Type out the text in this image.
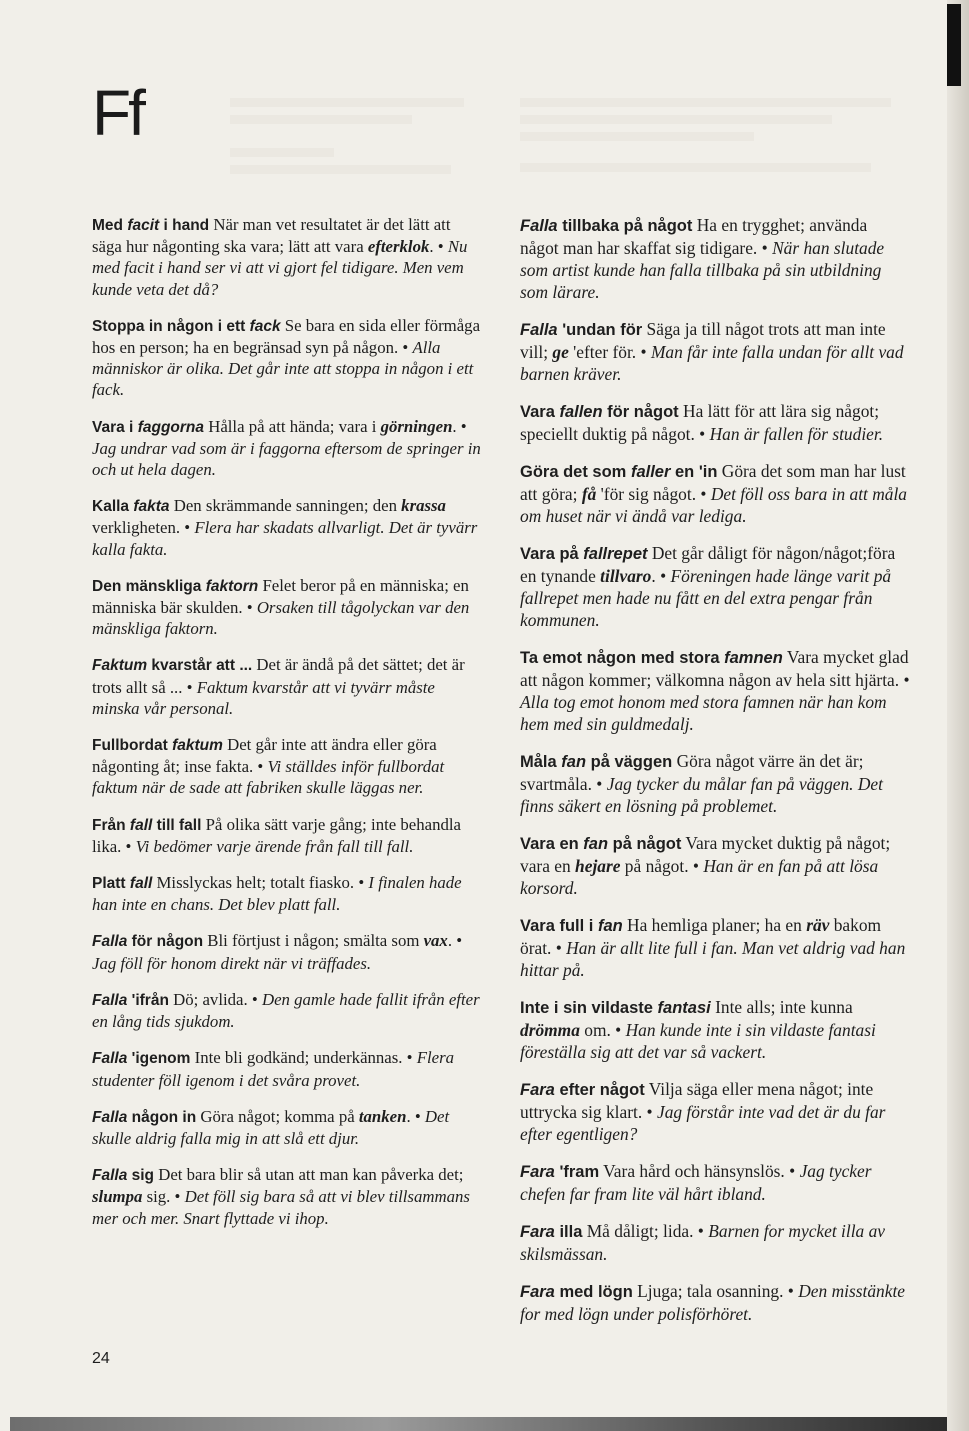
Ff

Med facit i hand När man vet resultatet är det lätt att säga hur någonting ska vara; lätt att vara efterklok. • Nu med facit i hand ser vi att vi gjort fel tidigare. Men vem kunde veta det då?

Stoppa in någon i ett fack Se bara en sida eller förmåga hos en person; ha en begränsad syn på någon. • Alla människor är olika. Det går inte att stoppa in någon i ett fack.

Vara i faggorna Hålla på att hända; vara i görningen. • Jag undrar vad som är i faggorna eftersom de springer in och ut hela dagen.

Kalla fakta Den skrämmande sanningen; den krassa verkligheten. • Flera har skadats allvarligt. Det är tyvärr kalla fakta.

Den mänskliga faktorn Felet beror på en människa; en människa bär skulden. • Orsaken till tågolyckan var den mänskliga faktorn.

Faktum kvarstår att ... Det är ändå på det sättet; det är trots allt så ... • Faktum kvarstår att vi tyvärr måste minska vår personal.

Fullbordat faktum Det går inte att ändra eller göra någonting åt; inse fakta. • Vi ställdes inför fullbordat faktum när de sade att fabriken skulle läggas ner.

Från fall till fall På olika sätt varje gång; inte behandla lika. • Vi bedömer varje ärende från fall till fall.

Platt fall Misslyckas helt; totalt fiasko. • I finalen hade han inte en chans. Det blev platt fall.

Falla för någon Bli förtjust i någon; smälta som vax. • Jag föll för honom direkt när vi träffades.

Falla 'ifrån Dö; avlida. • Den gamle hade fallit ifrån efter en lång tids sjukdom.

Falla 'igenom Inte bli godkänd; underkännas. • Flera studenter föll igenom i det svåra provet.

Falla någon in Göra något; komma på tanken. • Det skulle aldrig falla mig in att slå ett djur.

Falla sig Det bara blir så utan att man kan påverka det; slumpa sig. • Det föll sig bara så att vi blev tillsammans mer och mer. Snart flyttade vi ihop.

Falla tillbaka på något Ha en trygghet; använda något man har skaffat sig tidigare. • När han slutade som artist kunde han falla tillbaka på sin utbildning som lärare.

Falla 'undan för Säga ja till något trots att man inte vill; ge 'efter för. • Man får inte falla undan för allt vad barnen kräver.

Vara fallen för något Ha lätt för att lära sig något; speciellt duktig på något. • Han är fallen för studier.

Göra det som faller en 'in Göra det som man har lust att göra; få 'för sig något. • Det föll oss bara in att måla om huset när vi ändå var lediga.

Vara på fallrepet Det går dåligt för någon/något;föra en tynande tillvaro. • Föreningen hade länge varit på fallrepet men hade nu fått en del extra pengar från kommunen.

Ta emot någon med stora famnen Vara mycket glad att någon kommer; välkomna någon av hela sitt hjärta. • Alla tog emot honom med stora famnen när han kom hem med sin guldmedalj.

Måla fan på väggen Göra något värre än det är; svartmåla. • Jag tycker du målar fan på väggen. Det finns säkert en lösning på problemet.

Vara en fan på något Vara mycket duktig på något; vara en hejare på något. • Han är en fan på att lösa korsord.

Vara full i fan Ha hemliga planer; ha en räv bakom örat. • Han är allt lite full i fan. Man vet aldrig vad han hittar på.

Inte i sin vildaste fantasi Inte alls; inte kunna drömma om. • Han kunde inte i sin vildaste fantasi föreställa sig att det var så vackert.

Fara efter något Vilja säga eller mena något; inte uttrycka sig klart. • Jag förstår inte vad det är du far efter egentligen?

Fara 'fram Vara hård och hänsynslös. • Jag tycker chefen far fram lite väl hårt ibland.

Fara illa Må dåligt; lida. • Barnen for mycket illa av skilsmässan.

Fara med lögn Ljuga; tala osanning. • Den misstänkte for med lögn under polisförhöret.

24
